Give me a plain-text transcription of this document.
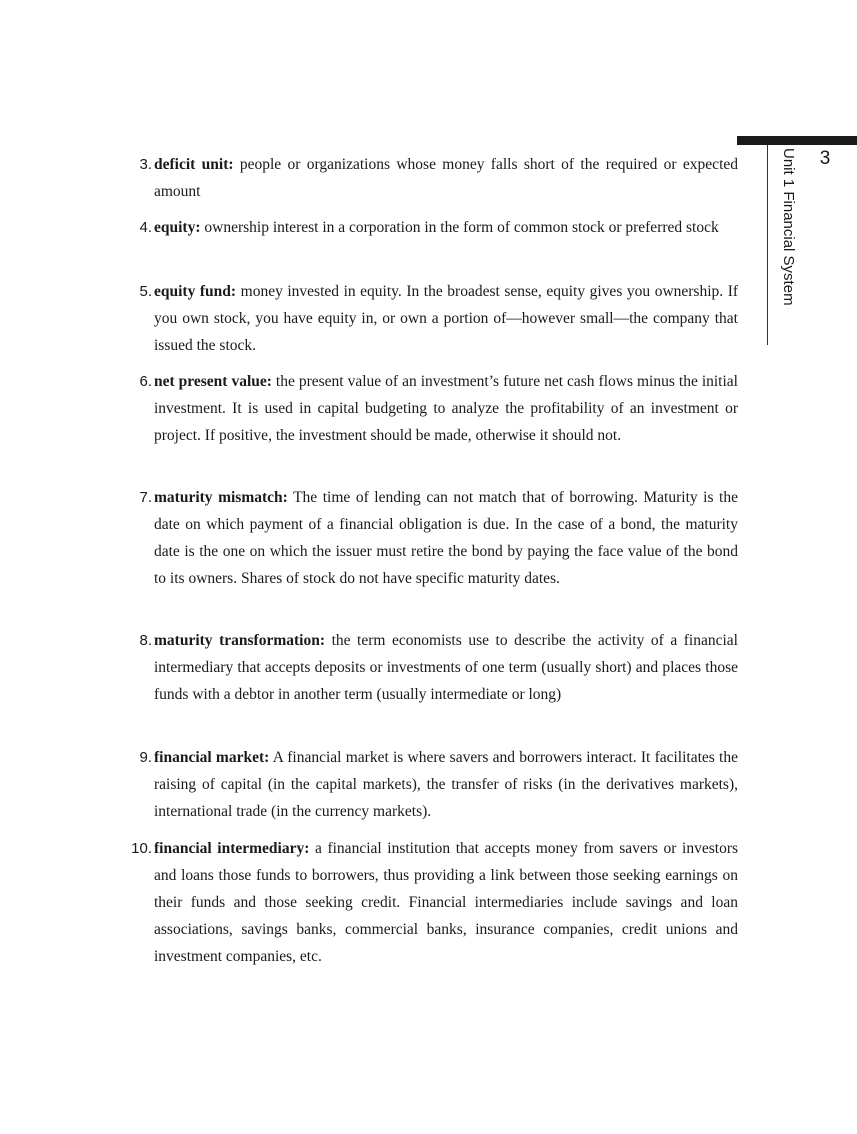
3
Unit 1 Financial System

3. deficit unit: people or organizations whose money falls short of the required or expected amount

4. equity: ownership interest in a corporation in the form of common stock or preferred stock

5. equity fund: money invested in equity. In the broadest sense, equity gives you ownership. If you own stock, you have equity in, or own a portion of—however small—the company that issued the stock.

6. net present value: the present value of an investment’s future net cash flows minus the initial investment. It is used in capital budgeting to analyze the profitability of an investment or project. If positive, the investment should be made, otherwise it should not.

7. maturity mismatch: The time of lending can not match that of borrowing. Maturity is the date on which payment of a financial obligation is due. In the case of a bond, the maturity date is the one on which the issuer must retire the bond by paying the face value of the bond to its owners. Shares of stock do not have specific maturity dates.

8. maturity transformation: the term economists use to describe the activity of a financial intermediary that accepts deposits or investments of one term (usually short) and places those funds with a debtor in another term (usually intermediate or long)

9. financial market: A financial market is where savers and borrowers interact. It facilitates the raising of capital (in the capital markets), the transfer of risks (in the derivatives markets), international trade (in the currency markets).

10. financial intermediary: a financial institution that accepts money from savers or investors and loans those funds to borrowers, thus providing a link between those seeking earnings on their funds and those seeking credit. Financial intermediaries include savings and loan associations, savings banks, commercial banks, insurance companies, credit unions and investment companies, etc.
